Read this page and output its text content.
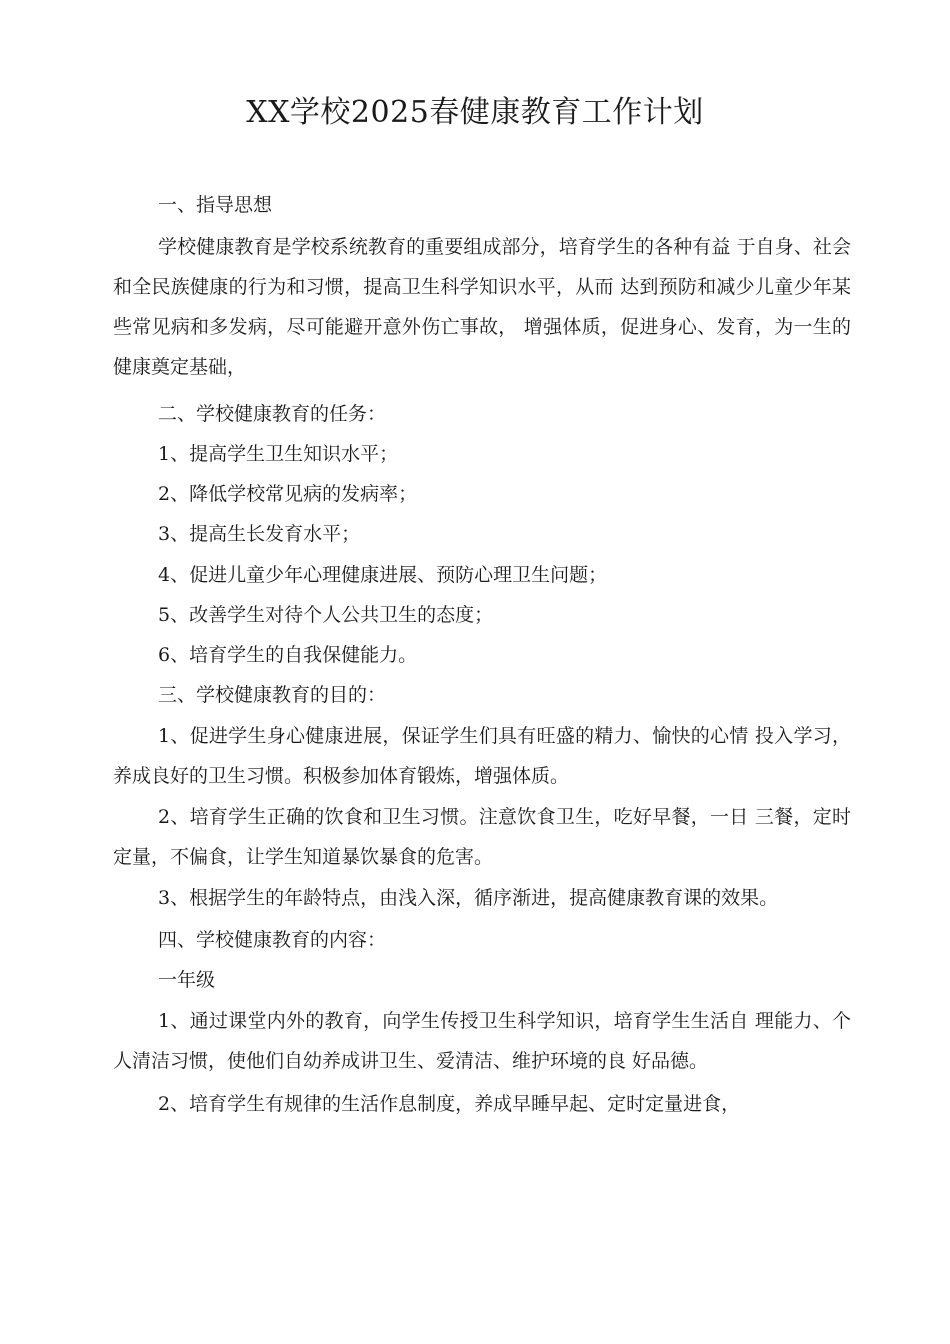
XX学校2025春健康教育工作计划

一、指导思想

学校健康教育是学校系统教育的重要组成部分，培育学生的各种有益 于自身、社会和全民族健康的行为和习惯，提高卫生科学知识水平，从而 达到预防和减少儿童少年某些常见病和多发病，尽可能避开意外伤亡事故， 增强体质，促进身心、发育，为一生的健康奠定基础，

二、学校健康教育的任务：

1、提高学生卫生知识水平；

2、降低学校常见病的发病率；

3、提高生长发育水平；

4、促进儿童少年心理健康进展、预防心理卫生问题；

5、改善学生对待个人公共卫生的态度；

6、培育学生的自我保健能力。

三、学校健康教育的目的：

1、促进学生身心健康进展，保证学生们具有旺盛的精力、愉快的心情 投入学习，养成良好的卫生习惯。积极参加体育锻炼，增强体质。

2、培育学生正确的饮食和卫生习惯。注意饮食卫生，吃好早餐，一日 三餐，定时定量，不偏食，让学生知道暴饮暴食的危害。

3、根据学生的年龄特点，由浅入深，循序渐进，提高健康教育课的效果。

四、学校健康教育的内容：

一年级

1、通过课堂内外的教育，向学生传授卫生科学知识，培育学生生活自 理能力、个人清洁习惯，使他们自幼养成讲卫生、爱清洁、维护环境的良 好品德。

2、培育学生有规律的生活作息制度，养成早睡早起、定时定量进食，
